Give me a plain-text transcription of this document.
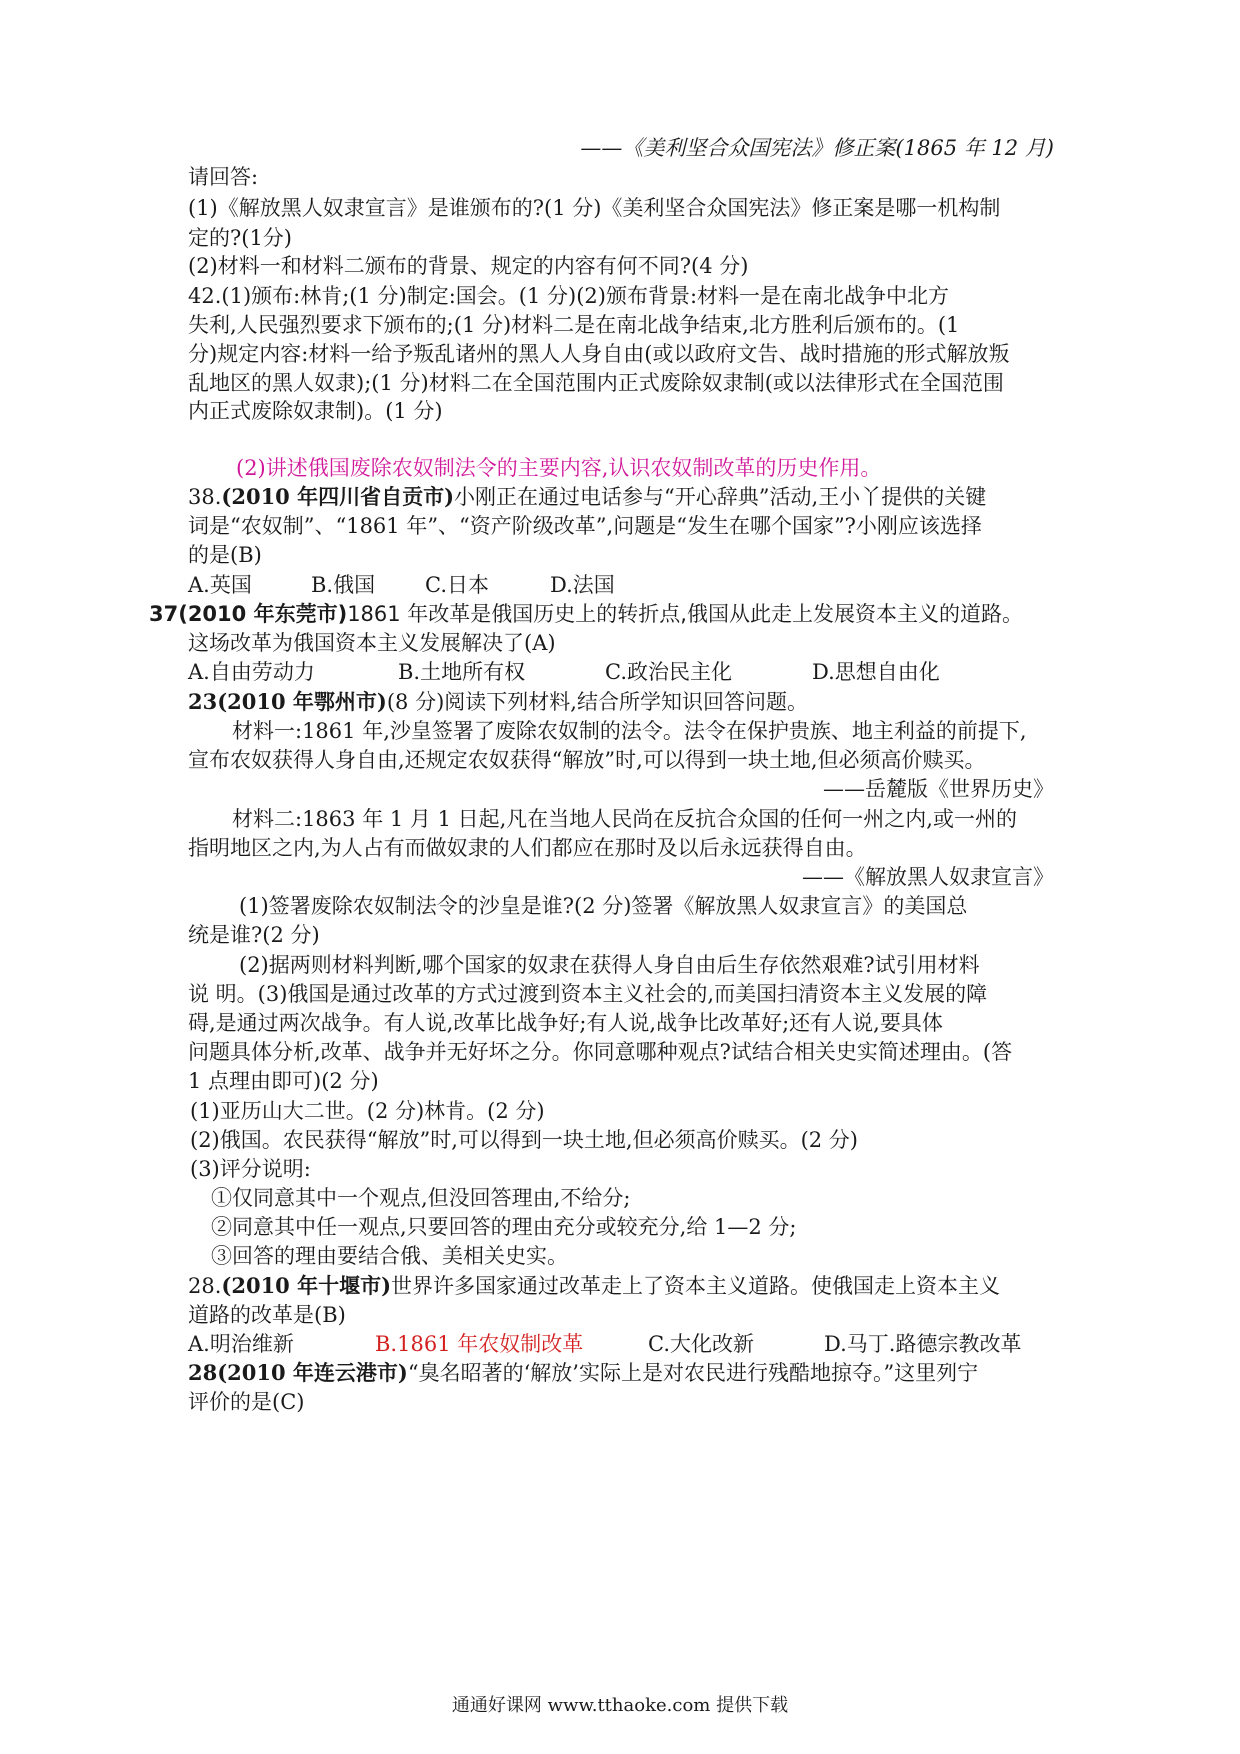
——《美利坚合众国宪法》修正案(1865 年 12 月)
请回答:
(1)《解放黑人奴隶宣言》是谁颁布的?(1 分)《美利坚合众国宪法》修正案是哪一机构制
定的?(1分)
(2)材料一和材料二颁布的背景、规定的内容有何不同?(4 分)
42.(1)颁布:林肯;(1 分)制定:国会。(1 分)(2)颁布背景:材料一是在南北战争中北方
失利,人民强烈要求下颁布的;(1 分)材料二是在南北战争结束,北方胜利后颁布的。(1
分)规定内容:材料一给予叛乱诸州的黑人人身自由(或以政府文告、战时措施的形式解放叛
乱地区的黑人奴隶);(1 分)材料二在全国范围内正式废除奴隶制(或以法律形式在全国范围
内正式废除奴隶制)。(1 分)
(2)讲述俄国废除农奴制法令的主要内容,认识农奴制改革的历史作用。
38.(2010 年四川省自贡市)小刚正在通过电话参与“开心辞典”活动,王小丫提供的关键
词是“农奴制”、“1861 年”、“资产阶级改革”,问题是“发生在哪个国家”?小刚应该选择
的是(B)
A.英国	B.俄国 C.日本	D.法国
37(2010 年东莞市)1861 年改革是俄国历史上的转折点,俄国从此走上发展资本主义的道路。
这场改革为俄国资本主义发展解决了(A)
A.自由劳动力	B.土地所有权	C.政治民主化	D.思想自由化
23(2010 年鄂州市)(8 分)阅读下列材料,结合所学知识回答问题。
材料一:1861 年,沙皇签署了废除农奴制的法令。法令在保护贵族、地主利益的前提下,
宣布农奴获得人身自由,还规定农奴获得“解放”时,可以得到一块土地,但必须高价赎买。
——岳麓版《世界历史》
材料二:1863 年 1 月 1 日起,凡在当地人民尚在反抗合众国的任何一州之内,或一州的
指明地区之内,为人占有而做奴隶的人们都应在那时及以后永远获得自由。
——《解放黑人奴隶宣言》
(1)签署废除农奴制法令的沙皇是谁?(2 分)签署《解放黑人奴隶宣言》的美国总
统是谁?(2 分)
(2)据两则材料判断,哪个国家的奴隶在获得人身自由后生存依然艰难?试引用材料
说 明。(3)俄国是通过改革的方式过渡到资本主义社会的,而美国扫清资本主义发展的障
碍,是通过两次战争。有人说,改革比战争好;有人说,战争比改革好;还有人说,要具体
问题具体分析,改革、战争并无好坏之分。你同意哪种观点?试结合相关史实简述理由。(答
1 点理由即可)(2 分)
(1)亚历山大二世。(2 分)林肯。(2 分)
(2)俄国。农民获得“解放”时,可以得到一块土地,但必须高价赎买。(2 分)
(3)评分说明:
①仅同意其中一个观点,但没回答理由,不给分;
②同意其中任一观点,只要回答的理由充分或较充分,给 1—2 分;
③回答的理由要结合俄、美相关史实。
28.(2010 年十堰市)世界许多国家通过改革走上了资本主义道路。使俄国走上资本主义
道路的改革是(B)
A.明治维新	B.1861 年农奴制改革	C.大化改新	D.马丁.路德宗教改革
28(2010 年连云港市)“臭名昭著的‘解放’实际上是对农民进行残酷地掠夺。”这里列宁
评价的是(C)
通通好课网 www.tthaoke.com 提供下载
